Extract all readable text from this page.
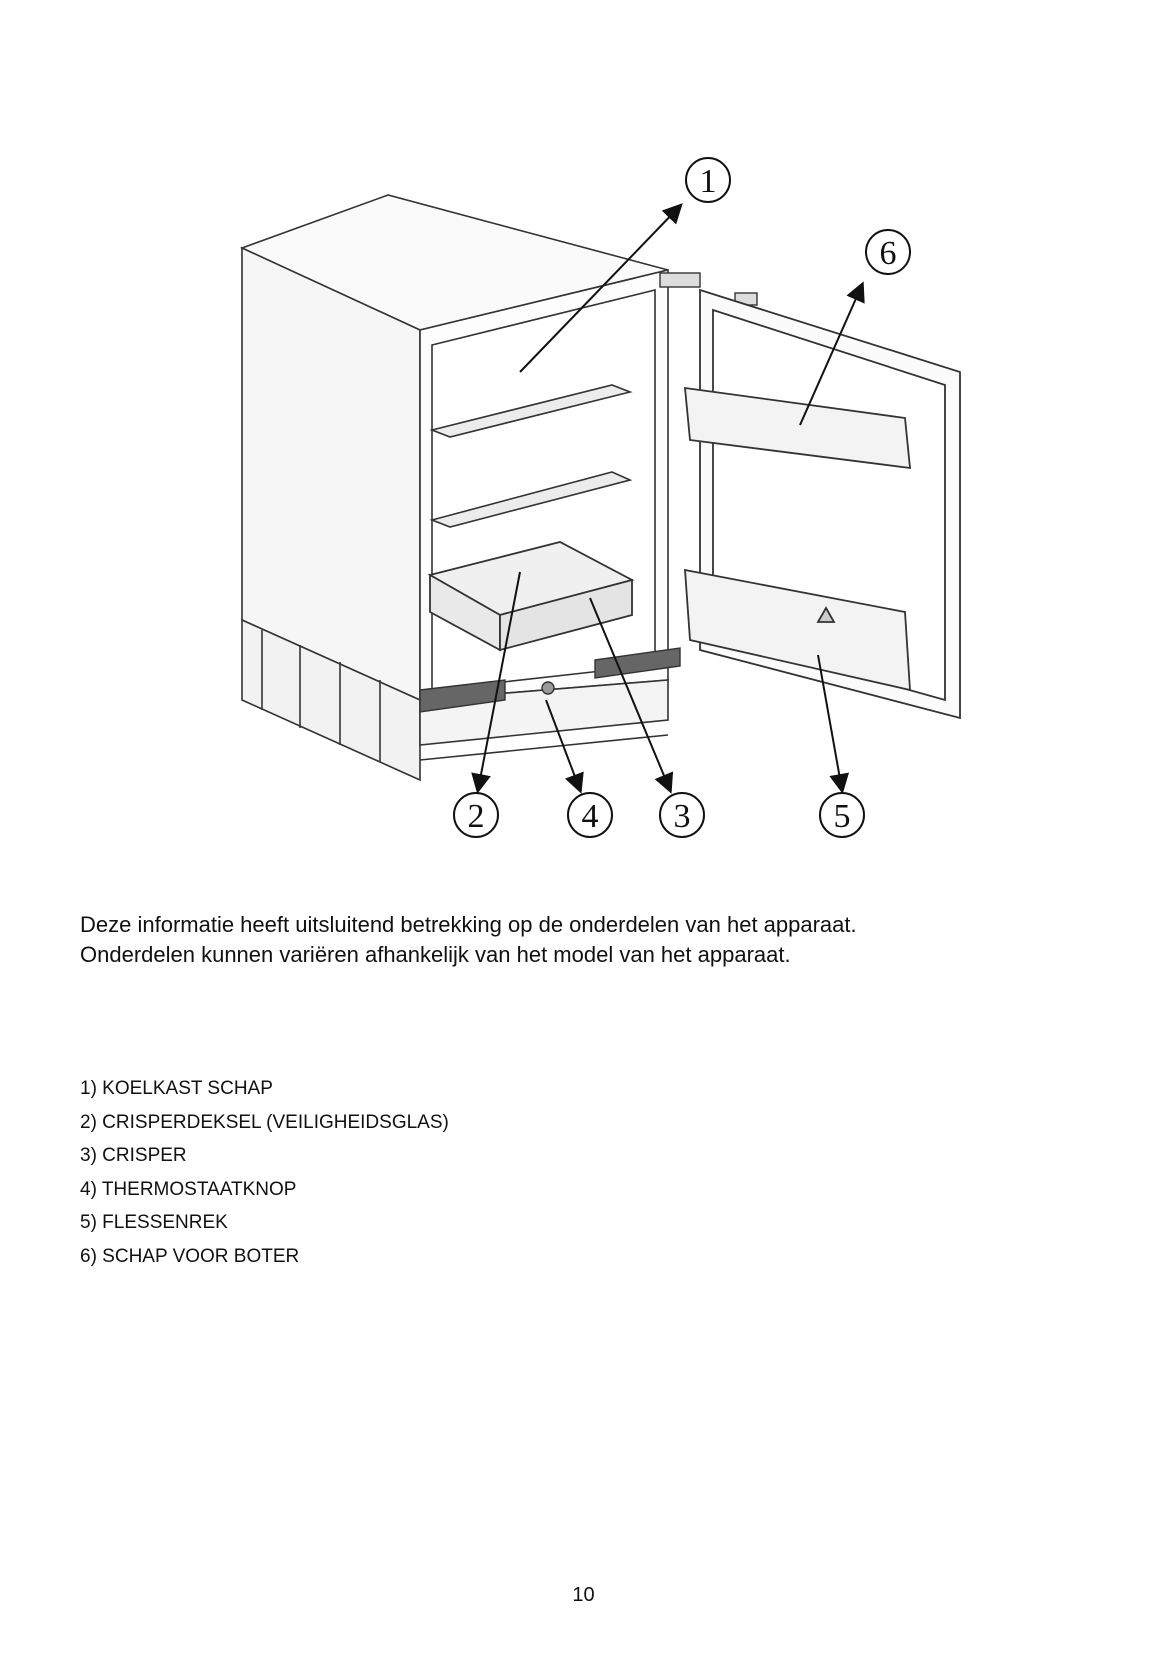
1
6
2	4 3	5

Deze informatie heeft uitsluitend betrekking op de onderdelen van het apparaat.

Onderdelen kunnen variëren afhankelijk van het model van het apparaat.

1) KOELKAST SCHAP
2) CRISPERDEKSEL (VEILIGHEIDSGLAS)
3) CRISPER
4) THERMOSTAATKNOP
5) FLESSENREK
6) SCHAP VOOR BOTER
10
